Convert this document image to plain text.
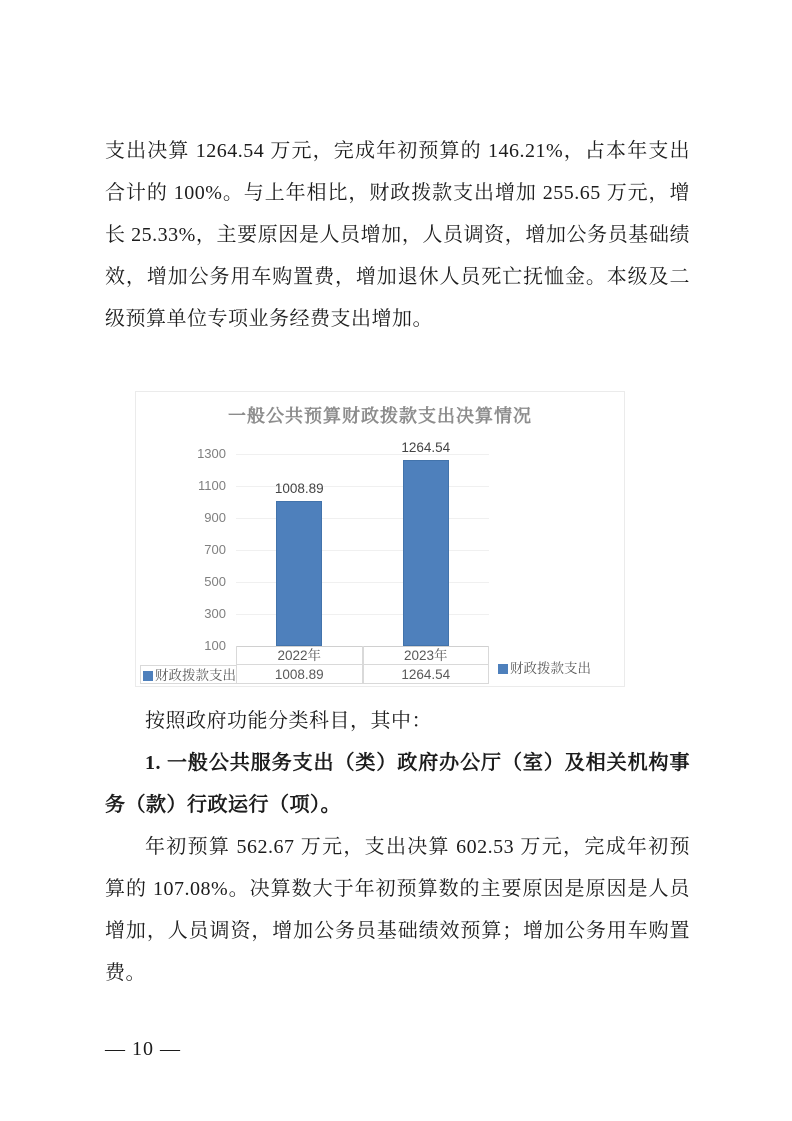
支出决算 1264.54 万元，完成年初预算的 146.21%，占本年支出合计的 100%。与上年相比，财政拨款支出增加 255.65 万元，增长 25.33%，主要原因是人员增加，人员调资，增加公务员基础绩效，增加公务用车购置费，增加退休人员死亡抚恤金。本级及二级预算单位专项业务经费支出增加。
一般公共预算财政拨款支出决算情况
财政拨款支出
1300
1100
900
700
500
300
100
1008.89
1264.54
2022年
1008.89
2023年
1264.54
财政拨款支出
按照政府功能分类科目，其中：
1. 一般公共服务支出（类）政府办公厅（室）及相关机构事务（款）行政运行（项）。
年初预算 562.67 万元，支出决算 602.53 万元，完成年初预算的 107.08%。决算数大于年初预算数的主要原因是原因是人员增加，人员调资，增加公务员基础绩效预算；增加公务用车购置费。
— 10 —
